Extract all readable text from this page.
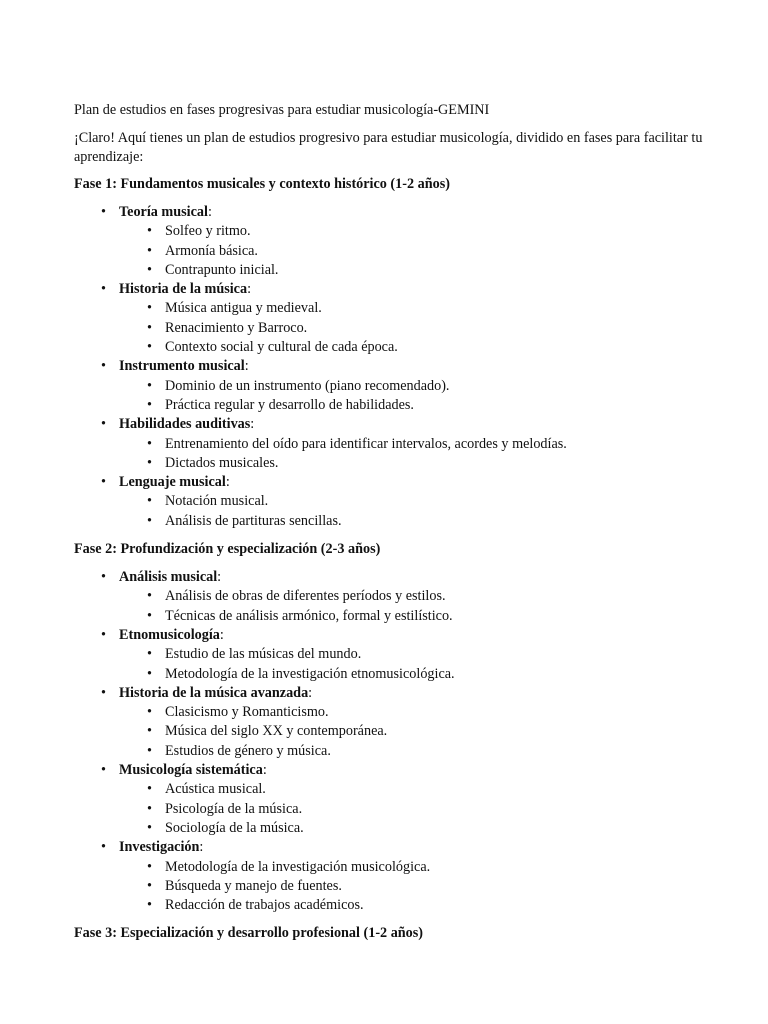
Plan de estudios en fases progresivas para estudiar musicología-GEMINI

¡Claro! Aquí tienes un plan de estudios progresivo para estudiar musicología, dividido en fases para facilitar tu aprendizaje:

Fase 1: Fundamentos musicales y contexto histórico (1-2 años)

• Teoría musical:
• Solfeo y ritmo.
• Armonía básica.
• Contrapunto inicial.
• Historia de la música:
• Música antigua y medieval.
• Renacimiento y Barroco.
• Contexto social y cultural de cada época.
• Instrumento musical:
• Dominio de un instrumento (piano recomendado).
• Práctica regular y desarrollo de habilidades.
• Habilidades auditivas:
• Entrenamiento del oído para identificar intervalos, acordes y melodías.
• Dictados musicales.
• Lenguaje musical:
• Notación musical.
• Análisis de partituras sencillas.

Fase 2: Profundización y especialización (2-3 años)

• Análisis musical:
• Análisis de obras de diferentes períodos y estilos.
• Técnicas de análisis armónico, formal y estilístico.
• Etnomusicología:
• Estudio de las músicas del mundo.
• Metodología de la investigación etnomusicológica.
• Historia de la música avanzada:
• Clasicismo y Romanticismo.
• Música del siglo XX y contemporánea.
• Estudios de género y música.
• Musicología sistemática:
• Acústica musical.
• Psicología de la música.
• Sociología de la música.
• Investigación:
• Metodología de la investigación musicológica.
• Búsqueda y manejo de fuentes.
• Redacción de trabajos académicos.

Fase 3: Especialización y desarrollo profesional (1-2 años)
